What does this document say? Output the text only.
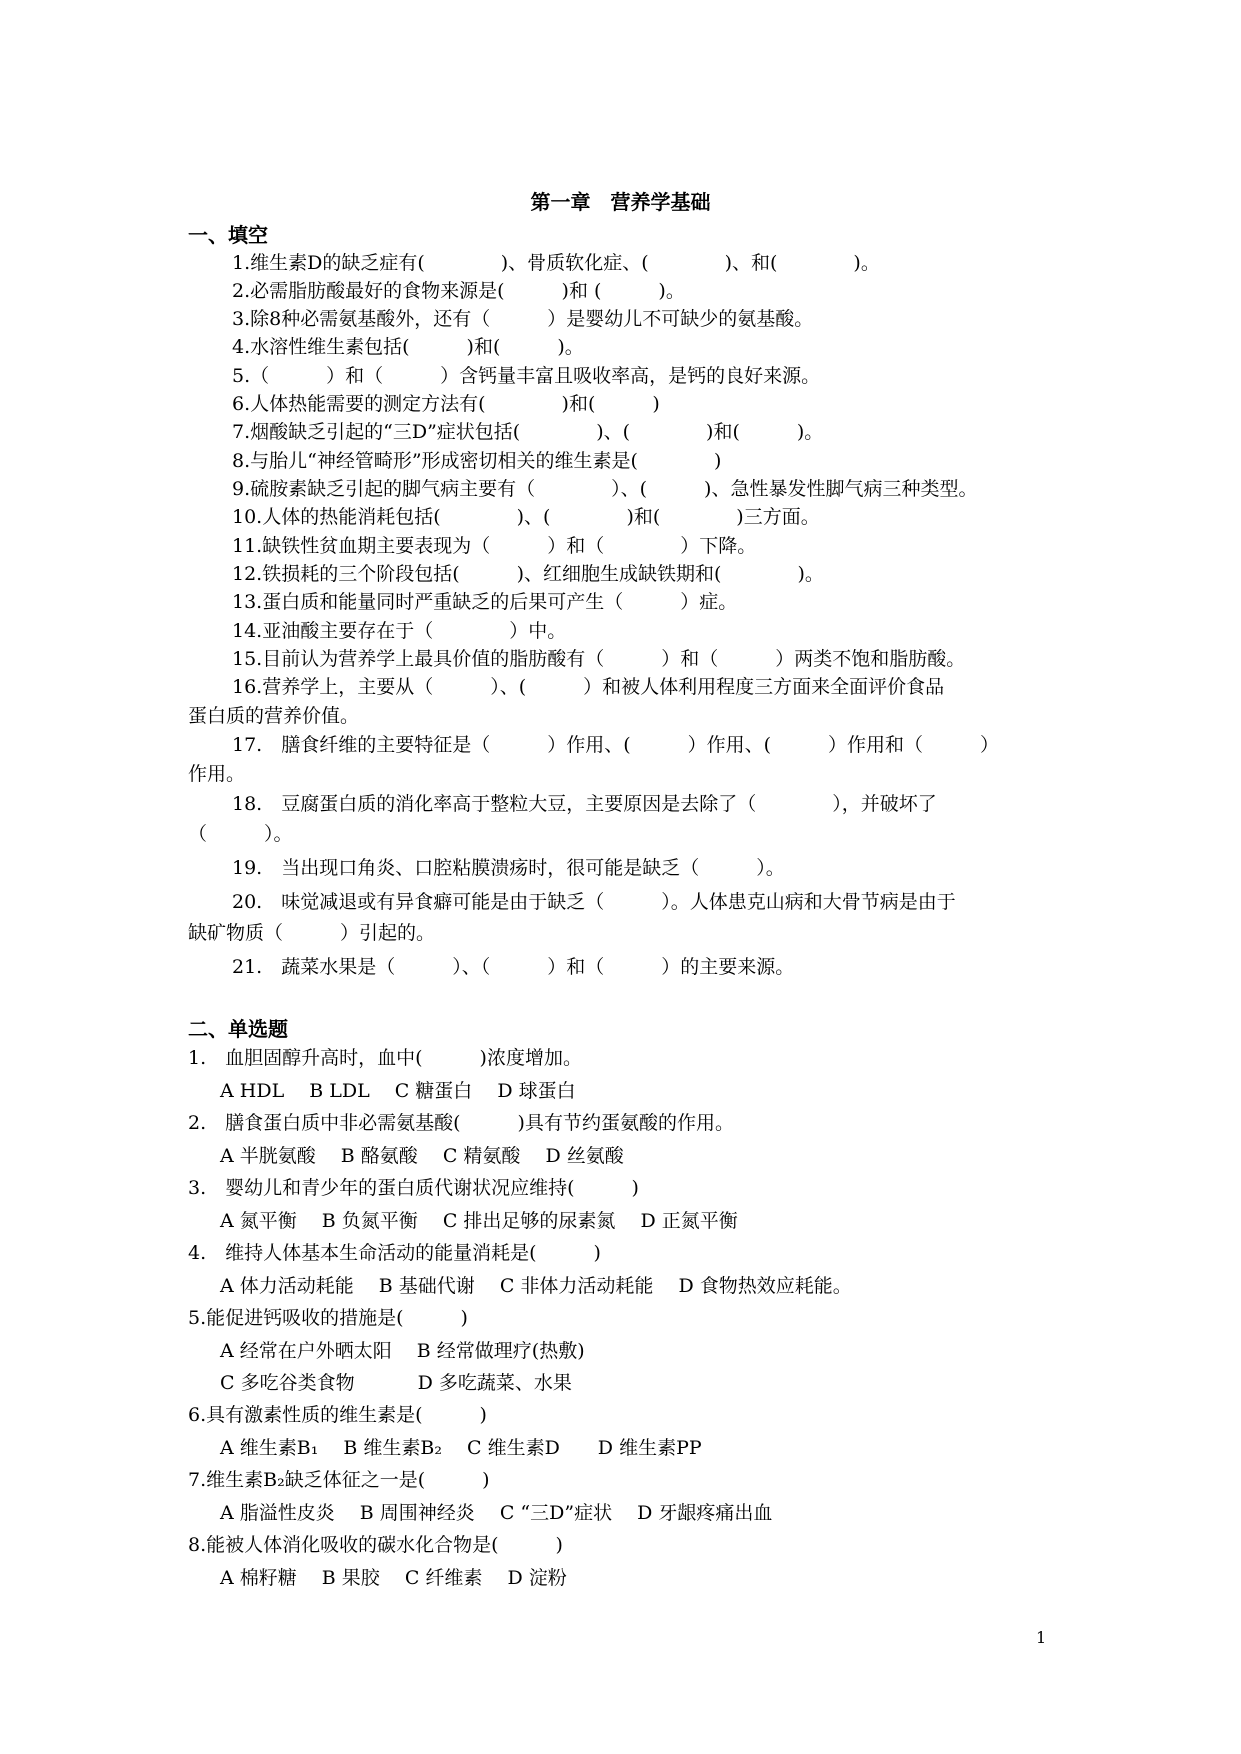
第一章　营养学基础
一、填空
1.维生素D的缺乏症有(　　　　)、骨质软化症、(　　　　)、和(　　　　)。
2.必需脂肪酸最好的食物来源是(　　　)和 (　　　)。
3.除8种必需氨基酸外，还有（　　　）是婴幼儿不可缺少的氨基酸。
4.水溶性维生素包括(　　　)和(　　　)。
5.（　　　）和（　　　）含钙量丰富且吸收率高，是钙的良好来源。
6.人体热能需要的测定方法有(　　　　)和(　　　)
7.烟酸缺乏引起的“三D”症状包括(　　　　)、(　　　　)和(　　　)。
8.与胎儿“神经管畸形”形成密切相关的维生素是(　　　　)
9.硫胺素缺乏引起的脚气病主要有（　　　　）、(　　　)、急性暴发性脚气病三种类型。
10.人体的热能消耗包括(　　　　)、(　　　　)和(　　　　)三方面。
11.缺铁性贫血期主要表现为（　　　）和（　　　　）下降。
12.铁损耗的三个阶段包括(　　　)、红细胞生成缺铁期和(　　　　)。
13.蛋白质和能量同时严重缺乏的后果可产生（　　　）症。
14.亚油酸主要存在于（　　　　）中。
15.目前认为营养学上最具价值的脂肪酸有（　　　）和（　　　）两类不饱和脂肪酸。
16.营养学上，主要从（　　　）、(　　　）和被人体利用程度三方面来全面评价食品
蛋白质的营养价值。
17.　膳食纤维的主要特征是（　　　）作用、(　　　）作用、(　　　）作用和（　　　）
作用。
18.　豆腐蛋白质的消化率高于整粒大豆，主要原因是去除了（　　　　），并破坏了
（　　　）。
19.　当出现口角炎、口腔粘膜溃疡时，很可能是缺乏（　　　）。
20.　味觉减退或有异食癖可能是由于缺乏（　　　）。人体患克山病和大骨节病是由于
缺矿物质（　　　）引起的。
21.　蔬菜水果是（　　　）、（　　　）和（　　　）的主要来源。
二、单选题
1.　血胆固醇升高时，血中(　　　)浓度增加。
A HDL　 B LDL　 C 糖蛋白　 D 球蛋白
2.　膳食蛋白质中非必需氨基酸(　　　)具有节约蛋氨酸的作用。
A 半胱氨酸　 B 酪氨酸　 C 精氨酸　 D 丝氨酸
3.　婴幼儿和青少年的蛋白质代谢状况应维持(　　　)
A 氮平衡　 B 负氮平衡　 C 排出足够的尿素氮　 D 正氮平衡
4.　维持人体基本生命活动的能量消耗是(　　　)
A 体力活动耗能　 B 基础代谢　 C 非体力活动耗能　 D 食物热效应耗能。
5.能促进钙吸收的措施是(　　　)
A 经常在户外晒太阳　 B 经常做理疗(热敷)
C 多吃谷类食物　　　 D 多吃蔬菜、水果
6.具有激素性质的维生素是(　　　)
A 维生素B₁　 B 维生素B₂　 C 维生素D　　D 维生素PP
7.维生素B₂缺乏体征之一是(　　　)
A 脂溢性皮炎　 B 周围神经炎　 C “三D”症状　 D 牙龈疼痛出血
8.能被人体消化吸收的碳水化合物是(　　　)
A 棉籽糖　 B 果胶　 C 纤维素　 D 淀粉
1
